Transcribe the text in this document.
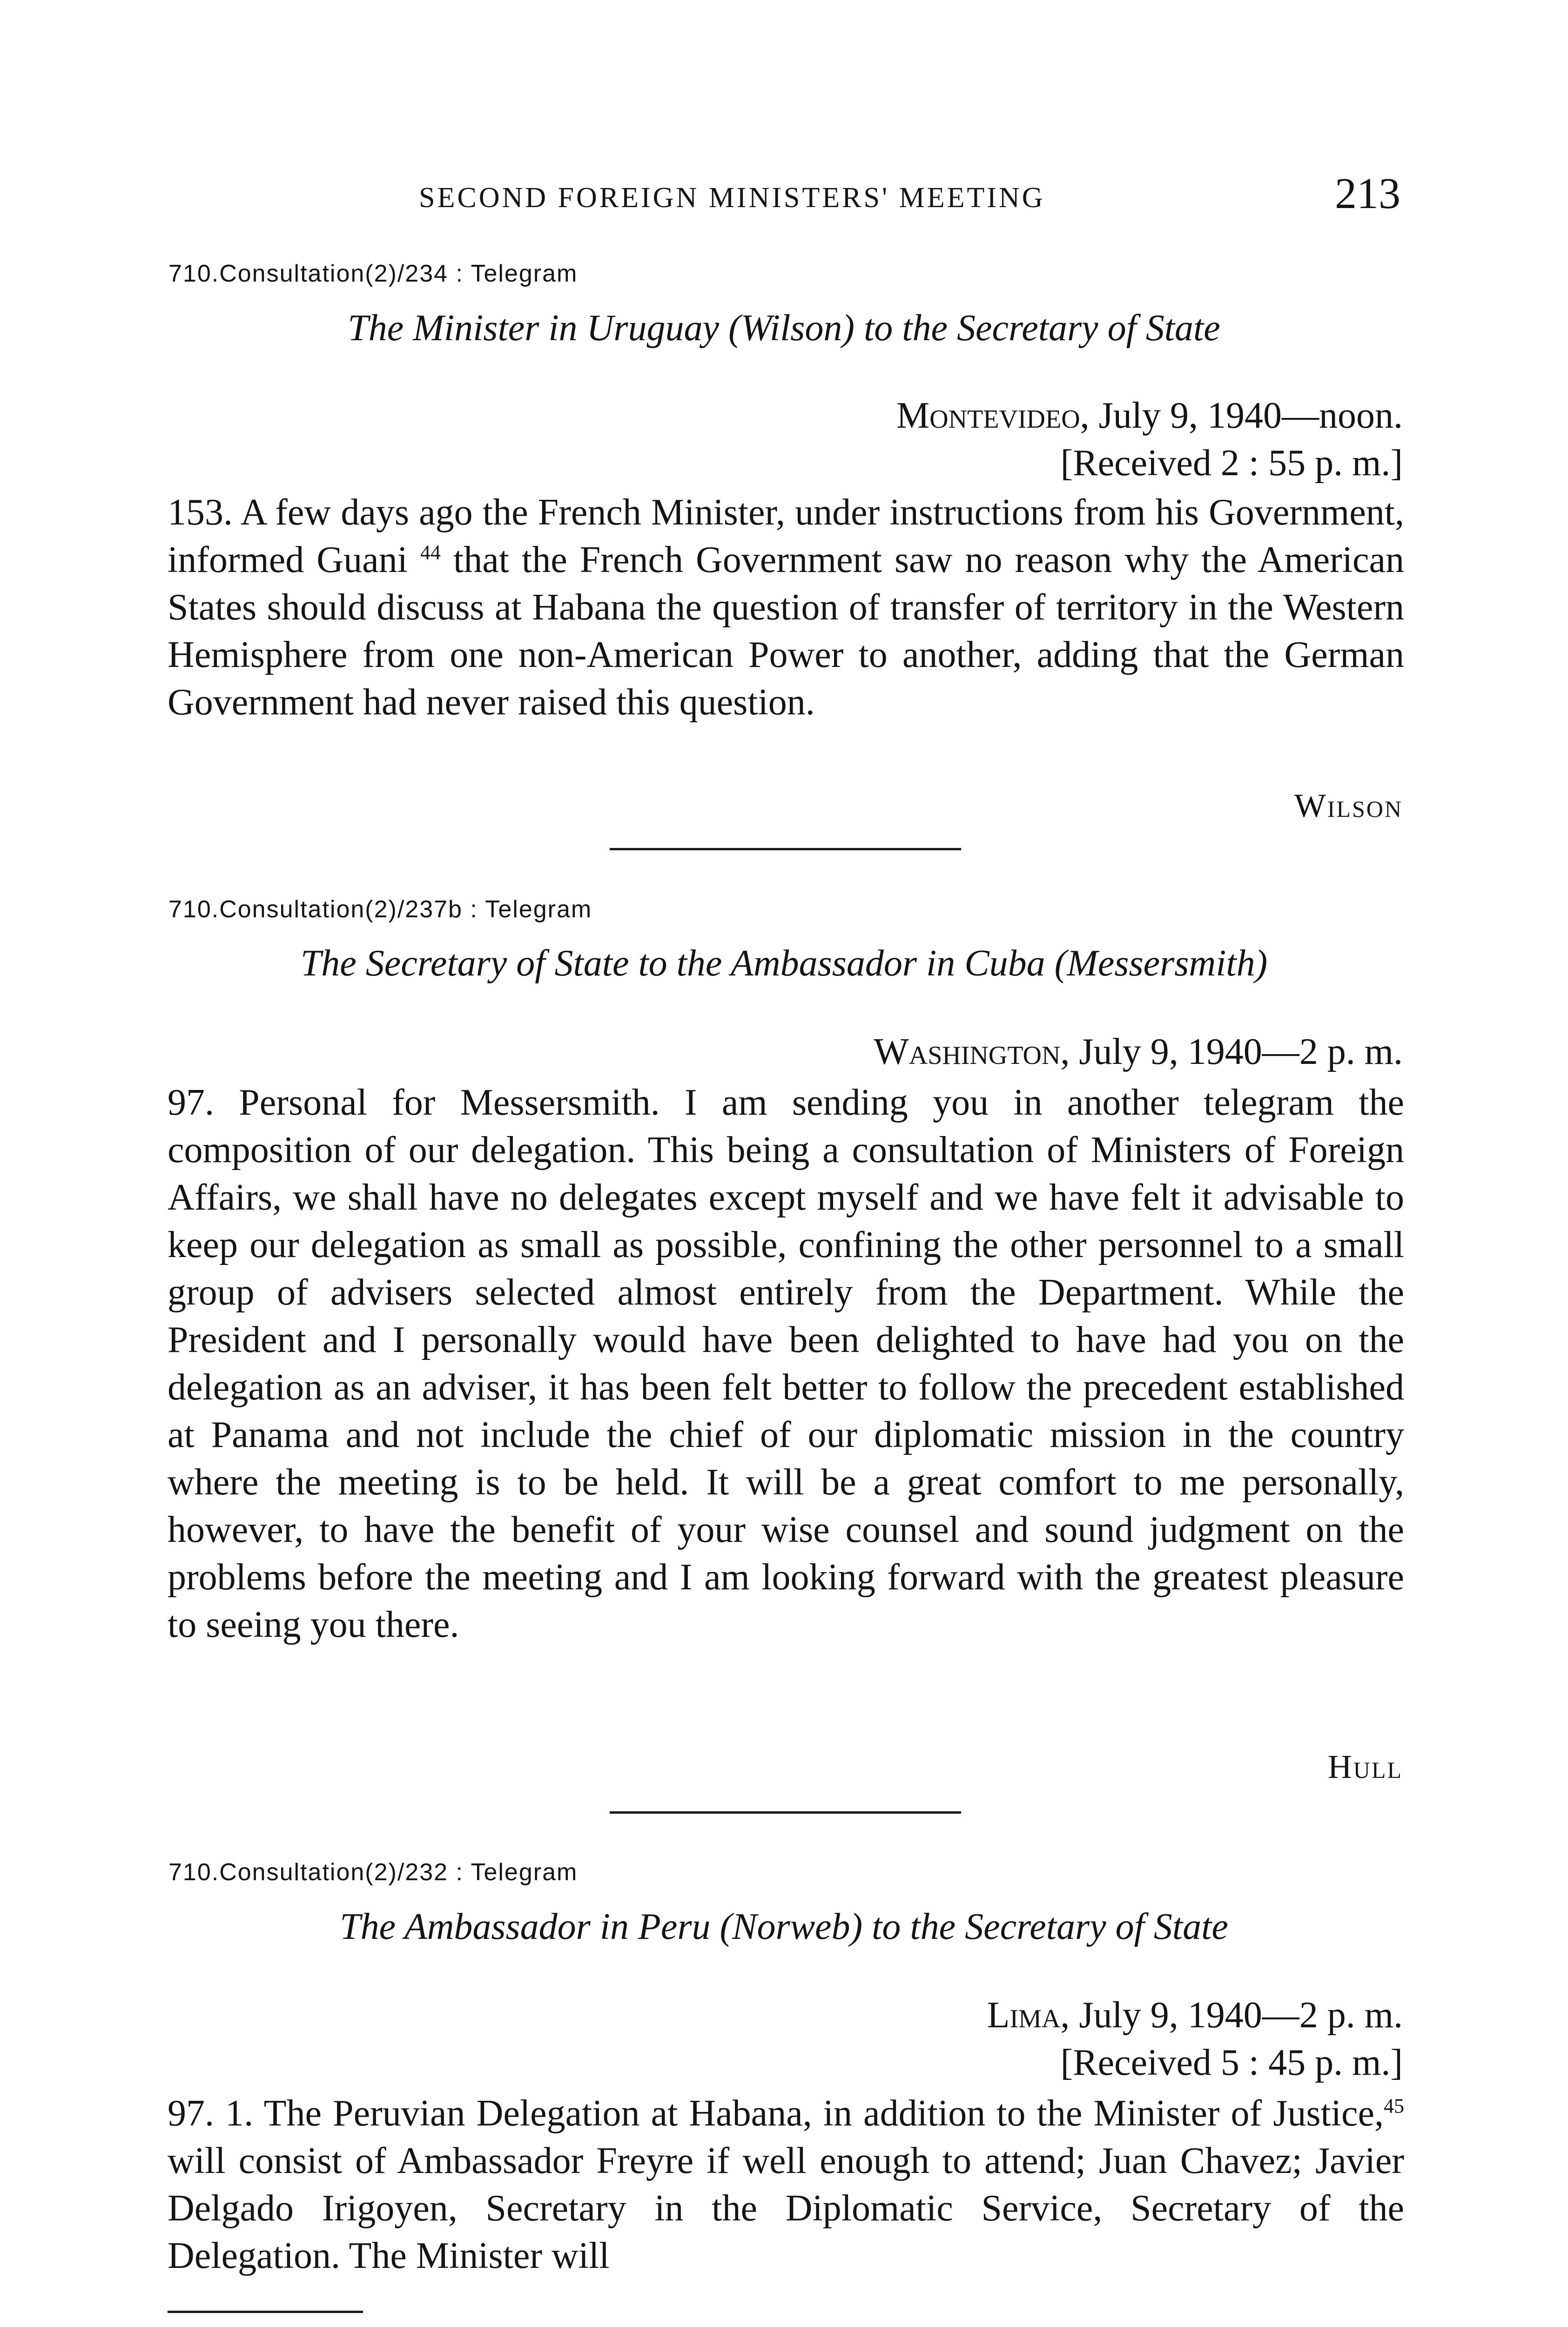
SECOND FOREIGN MINISTERS' MEETING	213
710.Consultation(2)/234 : Telegram
The Minister in Uruguay (Wilson) to the Secretary of State
Montevideo, July 9, 1940—noon.
[Received 2 : 55 p. m.]

153. A few days ago the French Minister, under instructions from his Government, informed Guani $^{44}$ that the French Government saw no reason why the American States should discuss at Habana the question of transfer of territory in the Western Hemisphere from one non-American Power to another, adding that the German Government had never raised this question.

Wilson
710.Consultation(2)/237b : Telegram
The Secretary of State to the Ambassador in Cuba (Messersmith)
Washington, July 9, 1940—2 p. m.

97. Personal for Messersmith. I am sending you in another telegram the composition of our delegation. This being a consultation of Ministers of Foreign Affairs, we shall have no delegates except myself and we have felt it advisable to keep our delegation as small as possible, confining the other personnel to a small group of advisers selected almost entirely from the Department. While the President and I personally would have been delighted to have had you on the delegation as an adviser, it has been felt better to follow the precedent established at Panama and not include the chief of our diplomatic mission in the country where the meeting is to be held. It will be a great comfort to me personally, however, to have the benefit of your wise counsel and sound judgment on the problems before the meeting and I am looking forward with the greatest pleasure to seeing you there.

Hull
710.Consultation(2)/232 : Telegram
The Ambassador in Peru (Norweb) to the Secretary of State
Lima, July 9, 1940—2 p. m.
[Received 5 : 45 p. m.]

97. 1. The Peruvian Delegation at Habana, in addition to the Minister of Justice,$^{45}$ will consist of Ambassador Freyre if well enough to attend; Juan Chavez; Javier Delgado Irigoyen, Secretary in the Diplomatic Service, Secretary of the Delegation. The Minister will
